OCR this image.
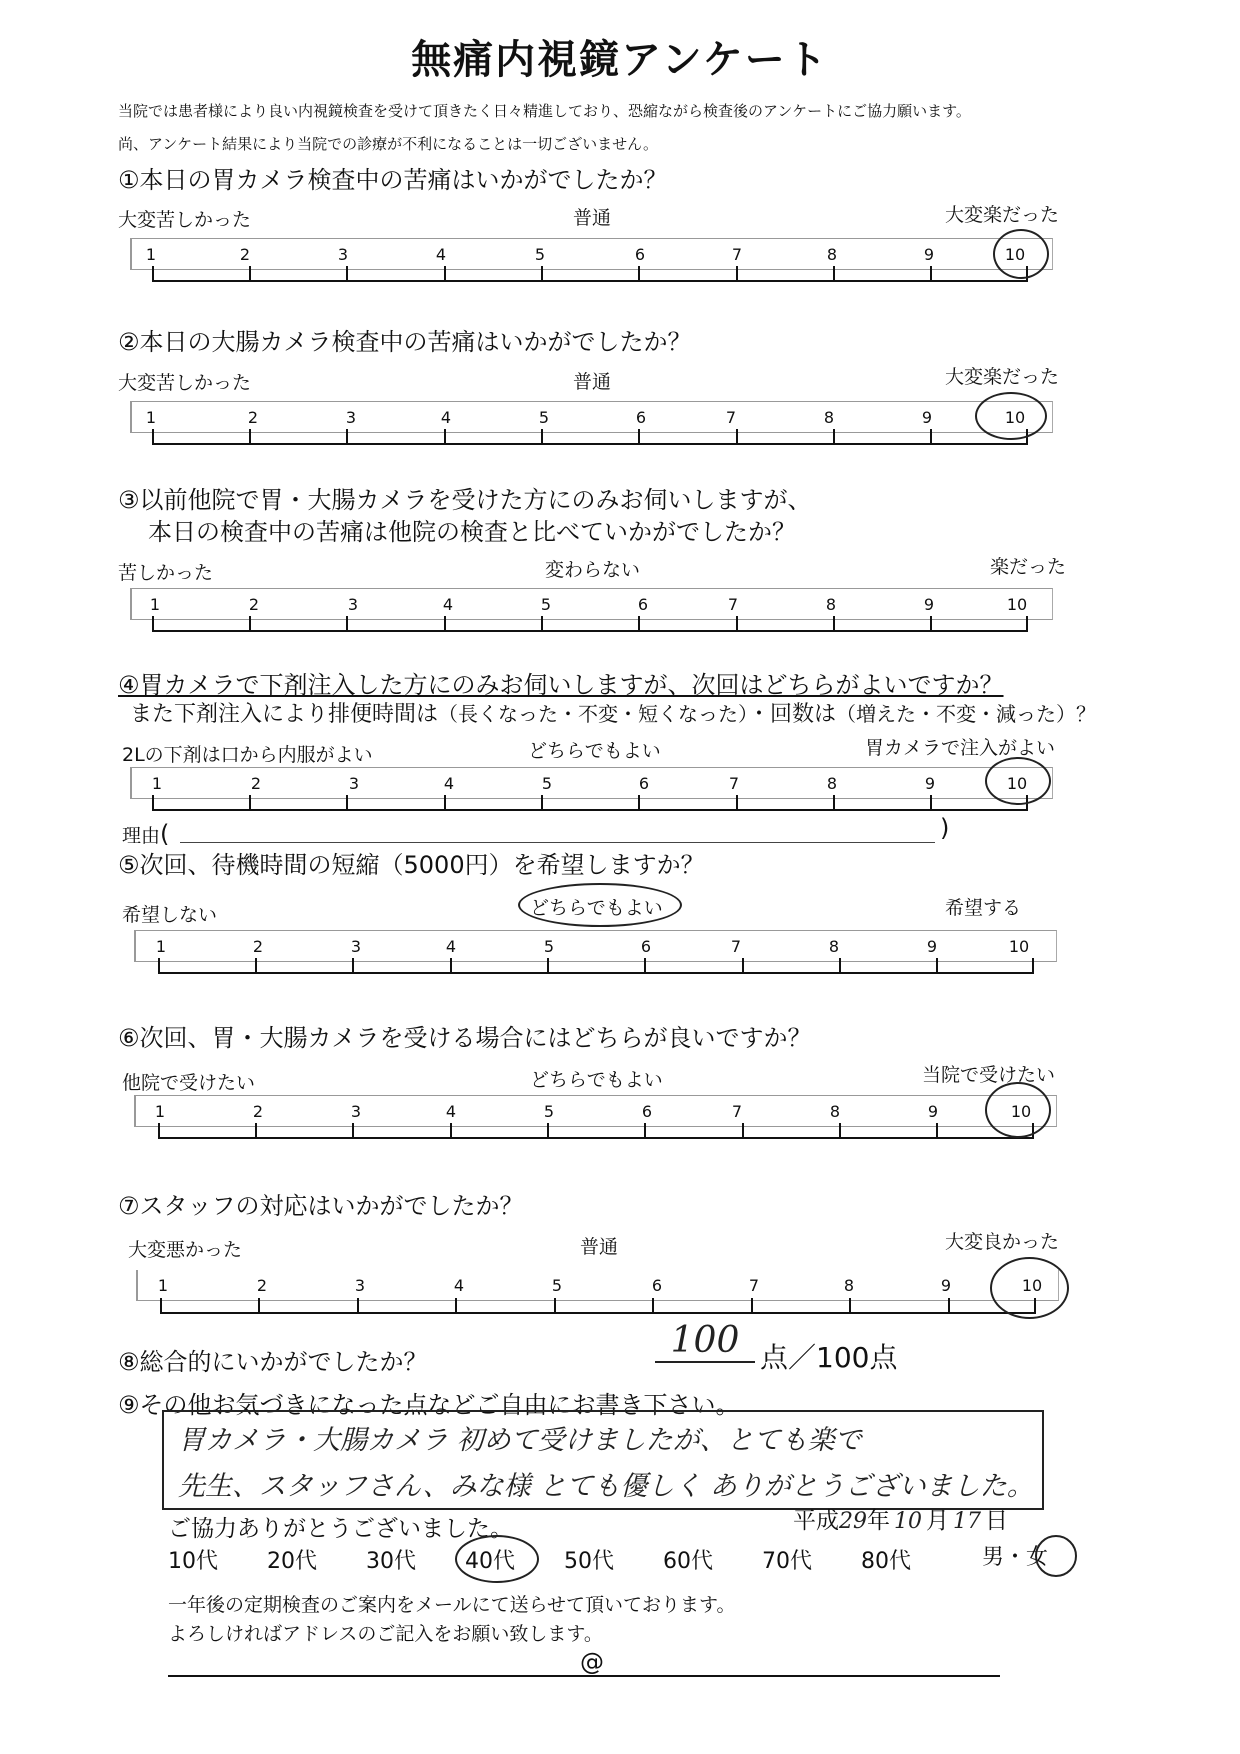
無痛内視鏡アンケート
当院では患者様により良い内視鏡検査を受けて頂きたく日々精進しており、恐縮ながら検査後のアンケートにご協力願います。
尚、アンケート結果により当院での診療が不利になることは一切ございません。
①本日の胃カメラ検査中の苦痛はいかがでしたか？
大変苦しかった	普通	大変楽だった
1	2	3	4	5	6	7	8	9	10
②本日の大腸カメラ検査中の苦痛はいかがでしたか？
大変苦しかった	普通	大変楽だった
1	2	3	4	5	6	7	8	9	10
③以前他院で胃・大腸カメラを受けた方にのみお伺いしますが、
本日の検査中の苦痛は他院の検査と比べていかがでしたか？
苦しかった	変わらない	楽だった
1	2	3	4	5	6	7	8	9	10
④胃カメラで下剤注入した方にのみお伺いしますが、次回はどちらがよいですか？
また下剤注入により排便時間は（長くなった・不変・短くなった）・回数は（増えた・不変・減った）？
2Lの下剤は口から内服がよい	どちらでもよい	胃カメラで注入がよい
1	2	3	4	5	6	7	8	9	10
理由(	)
⑤次回、待機時間の短縮（5000円）を希望しますか？
希望しない	どちらでもよい	希望する
1	2	3	4	5	6	7	8	9	10
⑥次回、胃・大腸カメラを受ける場合にはどちらが良いですか？
他院で受けたい	どちらでもよい	当院で受けたい
1	2	3	4	5	6	7	8	9	10
⑦スタッフの対応はいかがでしたか？
大変悪かった	普通	大変良かった
1	2	3	4	5	6	7	8	9	10
⑧総合的にいかがでしたか？
100 点／100点
⑨その他お気づきになった点などご自由にお書き下さい。
胃カメラ・大腸カメラ 初めて受けましたが、とても楽で
先生、スタッフさん、みな様 とても優しく ありがとうございました。
ご協力ありがとうございました。	平成29年 10 月 17 日
10代 20代 30代 40代 50代 60代 70代 80代	男・女
一年後の定期検査のご案内をメールにて送らせて頂いております。
よろしければアドレスのご記入をお願い致します。
@
